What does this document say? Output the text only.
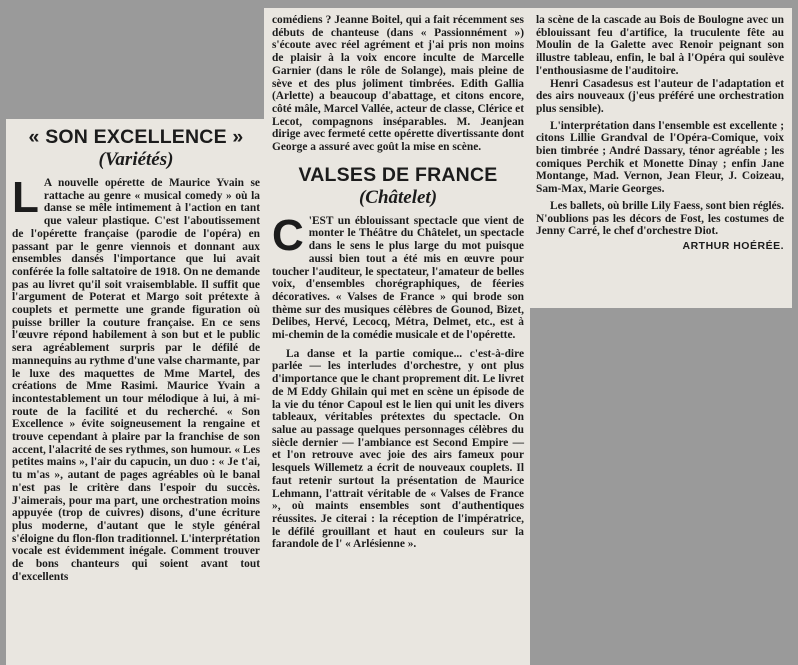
« SON EXCELLENCE »
(Variétés)

L A nouvelle opérette de Maurice Yvain se rattache au genre « musical comedy » où la danse se mêle intimement à l'action en tant que valeur plastique. C'est l'aboutissement de l'opérette française (parodie de l'opéra) en passant par le genre viennois et donnant aux ensembles dansés l'importance que lui avait conférée la folle saltatoire de 1918. On ne demande pas au livret qu'il soit vraisemblable. Il suffit que l'argument de Poterat et Margo soit prétexte à couplets et permette une grande figuration où puisse briller la couture française. En ce sens l'œuvre répond habilement à son but et le public sera agréablement surpris par le défilé de mannequins au rythme d'une valse charmante, par le luxe des maquettes de Mme Martel, des créations de Mme Rasimi. Maurice Yvain a incontestablement un tour mélodique à lui, à mi-route de la facilité et du recherché. « Son Excellence » évite soigneusement la rengaine et trouve cependant à plaire par la franchise de son accent, l'alacrité de ses rythmes, son humour. « Les petites mains », l'air du capucin, un duo : « Je t'ai, tu m'as », autant de pages agréables où le banal n'est pas le critère dans l'espoir du succès. J'aimerais, pour ma part, une orchestration moins appuyée (trop de cuivres) disons, d'une écriture plus moderne, d'autant que le style général s'éloigne du flon-flon traditionnel. L'interprétation vocale est évidemment inégale. Comment trouver de bons chanteurs qui soient avant tout d'excellents

comédiens ? Jeanne Boitel, qui a fait récemment ses débuts de chanteuse (dans « Passionnément ») s'écoute avec réel agrément et j'ai pris non moins de plaisir à la voix encore inculte de Marcelle Garnier (dans le rôle de Solange), mais pleine de sève et des plus joliment timbrées. Edith Gallia (Arlette) a beaucoup d'abattage, et citons encore, côté mâle, Marcel Vallée, acteur de classe, Clérice et Lecot, compagnons inséparables. M. Jeanjean dirige avec fermeté cette opérette divertissante dont George a assuré avec goût la mise en scène.

VALSES DE FRANCE
(Châtelet)

C 'EST un éblouissant spectacle que vient de monter le Théâtre du Châtelet, un spectacle dans le sens le plus large du mot puisque aussi bien tout a été mis en œuvre pour toucher l'auditeur, le spectateur, l'amateur de belles voix, d'ensembles chorégraphiques, de féeries décoratives. « Valses de France » qui brode son thème sur des musiques célèbres de Gounod, Bizet, Delibes, Hervé, Lecocq, Métra, Delmet, etc., est à mi-chemin de la comédie musicale et de l'opérette.

La danse et la partie comique... c'est-à-dire parlée — les interludes d'orchestre, y ont plus d'importance que le chant proprement dit. Le livret de M Eddy Ghilain qui met en scène un épisode de la vie du ténor Capoul est le lien qui unit les divers tableaux, véritables prétextes du spectacle. On salue au passage quelques personnages célèbres du siècle dernier — l'ambiance est Second Empire — et l'on retrouve avec joie des airs fameux pour lesquels Willemetz a écrit de nouveaux couplets. Il faut retenir surtout la présentation de Maurice Lehmann, l'attrait véritable de « Valses de France », où maints ensembles sont d'authentiques réussites. Je citerai : la réception de l'impératrice, le défilé grouillant et haut en couleurs sur la farandole de l' « Arlésienne ».

la scène de la cascade au Bois de Boulogne avec un éblouissant feu d'artifice, la truculente fête au Moulin de la Galette avec Renoir peignant son illustre tableau, enfin, le bal à l'Opéra qui soulève l'enthousiasme de l'auditoire.

Henri Casadesus est l'auteur de l'adaptation et des airs nouveaux (j'eus préféré une orchestration plus sensible).

L'interprétation dans l'ensemble est excellente ; citons Lillie Grandval de l'Opéra-Comique, voix bien timbrée ; André Dassary, ténor agréable ; les comiques Perchik et Monette Dinay ; enfin Jane Montange, Mad. Vernon, Jean Fleur, J. Coizeau, Sam-Max, Marie Georges.

Les ballets, où brille Lily Faess, sont bien réglés. N'oublions pas les décors de Fost, les costumes de Jenny Carré, le chef d'orchestre Diot.

ARTHUR HOÉRÉE.
